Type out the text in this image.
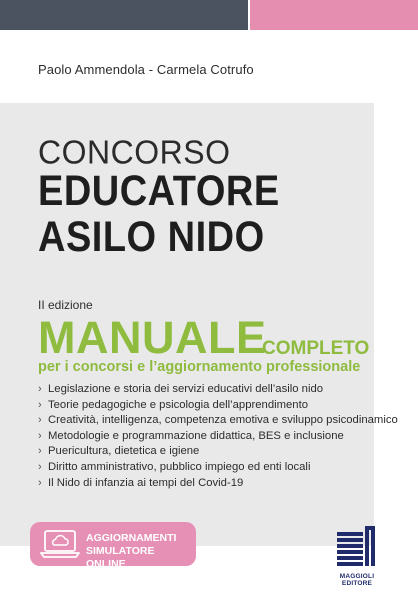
Paolo Ammendola - Carmela Cotrufo
CONCORSO
EDUCATORE
ASILO NIDO
II edizione
MANUALE
COMPLETO
per i concorsi e l’aggiornamento professionale
› Legislazione e storia dei servizi educativi dell’asilo nido
› Teorie pedagogiche e psicologia dell’apprendimento
› Creatività, intelligenza, competenza emotiva e sviluppo psicodinamico
› Metodologie e programmazione didattica, BES e inclusione
› Puericultura, dietetica e igiene
› Diritto amministrativo, pubblico impiego ed enti locali
› Il Nido di infanzia ai tempi del Covid-19
AGGIORNAMENTI
SIMULATORE ONLINE
MAGGIOLI
EDITORE
